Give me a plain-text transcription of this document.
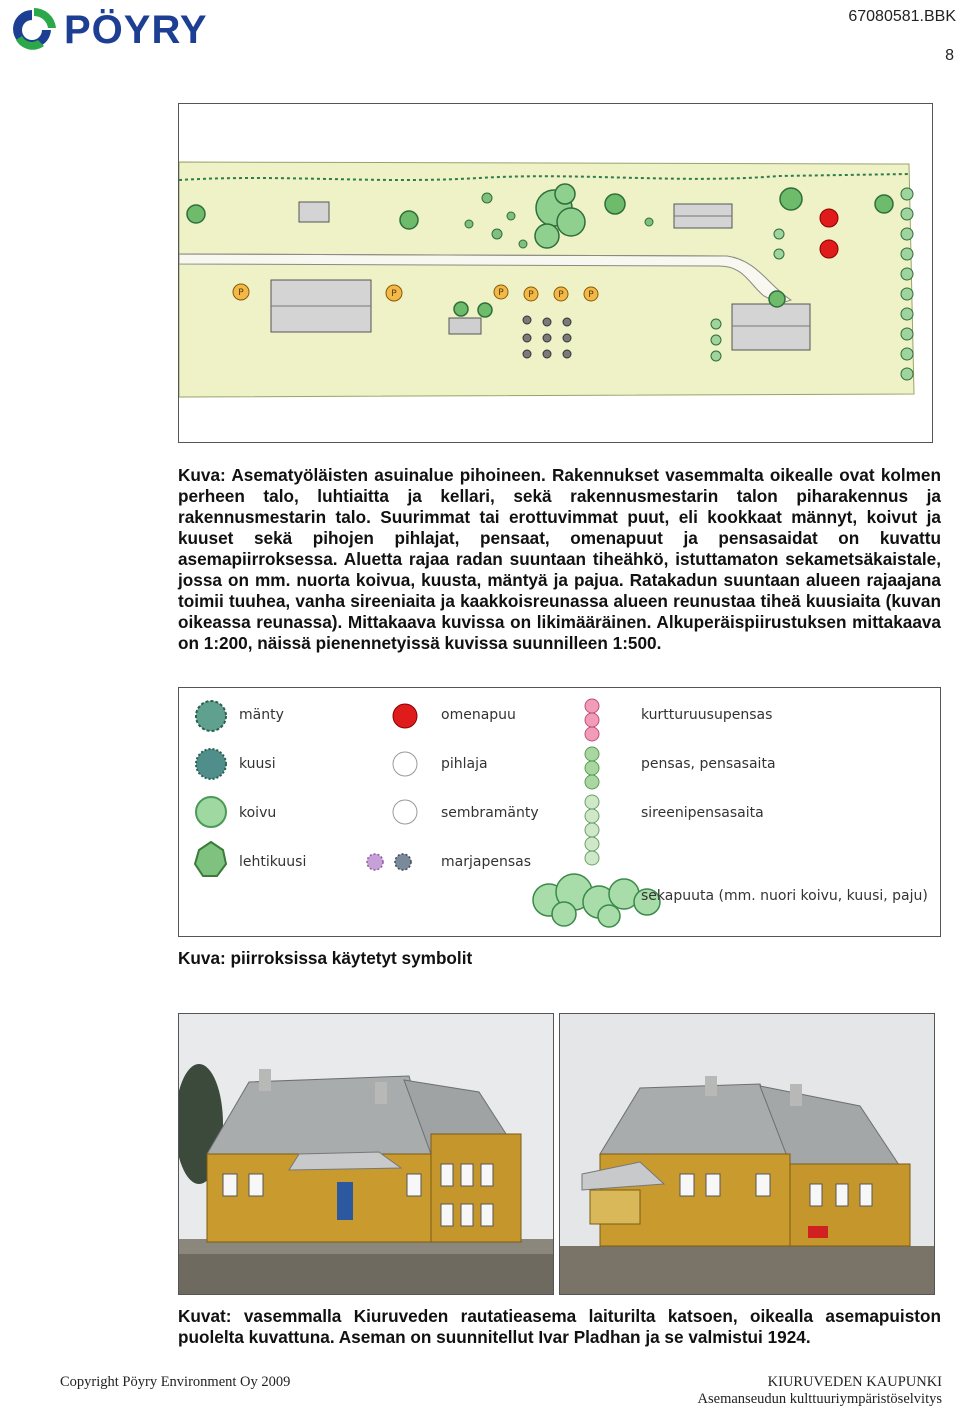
PÖYRY	67080581.BBK
8
P	P	P	P	P	P
Kuva: Asematyöläisten asuinalue pihoineen. Rakennukset vasemmalta oikealle ovat kolmen perheen talo, luhtiaitta ja kellari, sekä rakennusmestarin talon piharakennus ja rakennusmestarin talo. Suurimmat tai erottuvimmat puut, eli kookkaat männyt, koivut ja kuuset sekä pihojen pihlajat, pensaat, omenapuut ja pensasaidat on kuvattu asemapiirroksessa. Aluetta rajaa radan suuntaan tiheähkö, istuttamaton sekametsäkaistale, jossa on mm. nuorta koivua, kuusta, mäntyä ja pajua. Ratakadun suuntaan alueen rajaajana toimii tuuhea, vanha sireeniaita ja kaakkoisreunassa alueen reunustaa tiheä kuusiaita (kuvan oikeassa reunassa). Mittakaava kuvissa on likimääräinen. Alkuperäispiirustuksen mittakaava on 1:200, näissä pienennetyissä kuvissa suunnilleen 1:500.
mänty
kuusi
koivu
lehtikuusi
omenapuu
pihlaja
sembramänty
marjapensas
kurtturuusupensas
pensas, pensasaita
sireenipensasaita
sekapuuta (mm. nuori koivu, kuusi, paju)
Kuva: piirroksissa käytetyt symbolit
Kuvat: vasemmalla Kiuruveden rautatieasema laiturilta katsoen, oikealla asemapuiston puolelta kuvattuna. Aseman on suunnitellut Ivar Pladhan ja se valmistui 1924.
Copyright Pöyry Environment Oy 2009	KIURUVEDEN KAUPUNKI
Asemanseudun kulttuuriympäristöselvitys
